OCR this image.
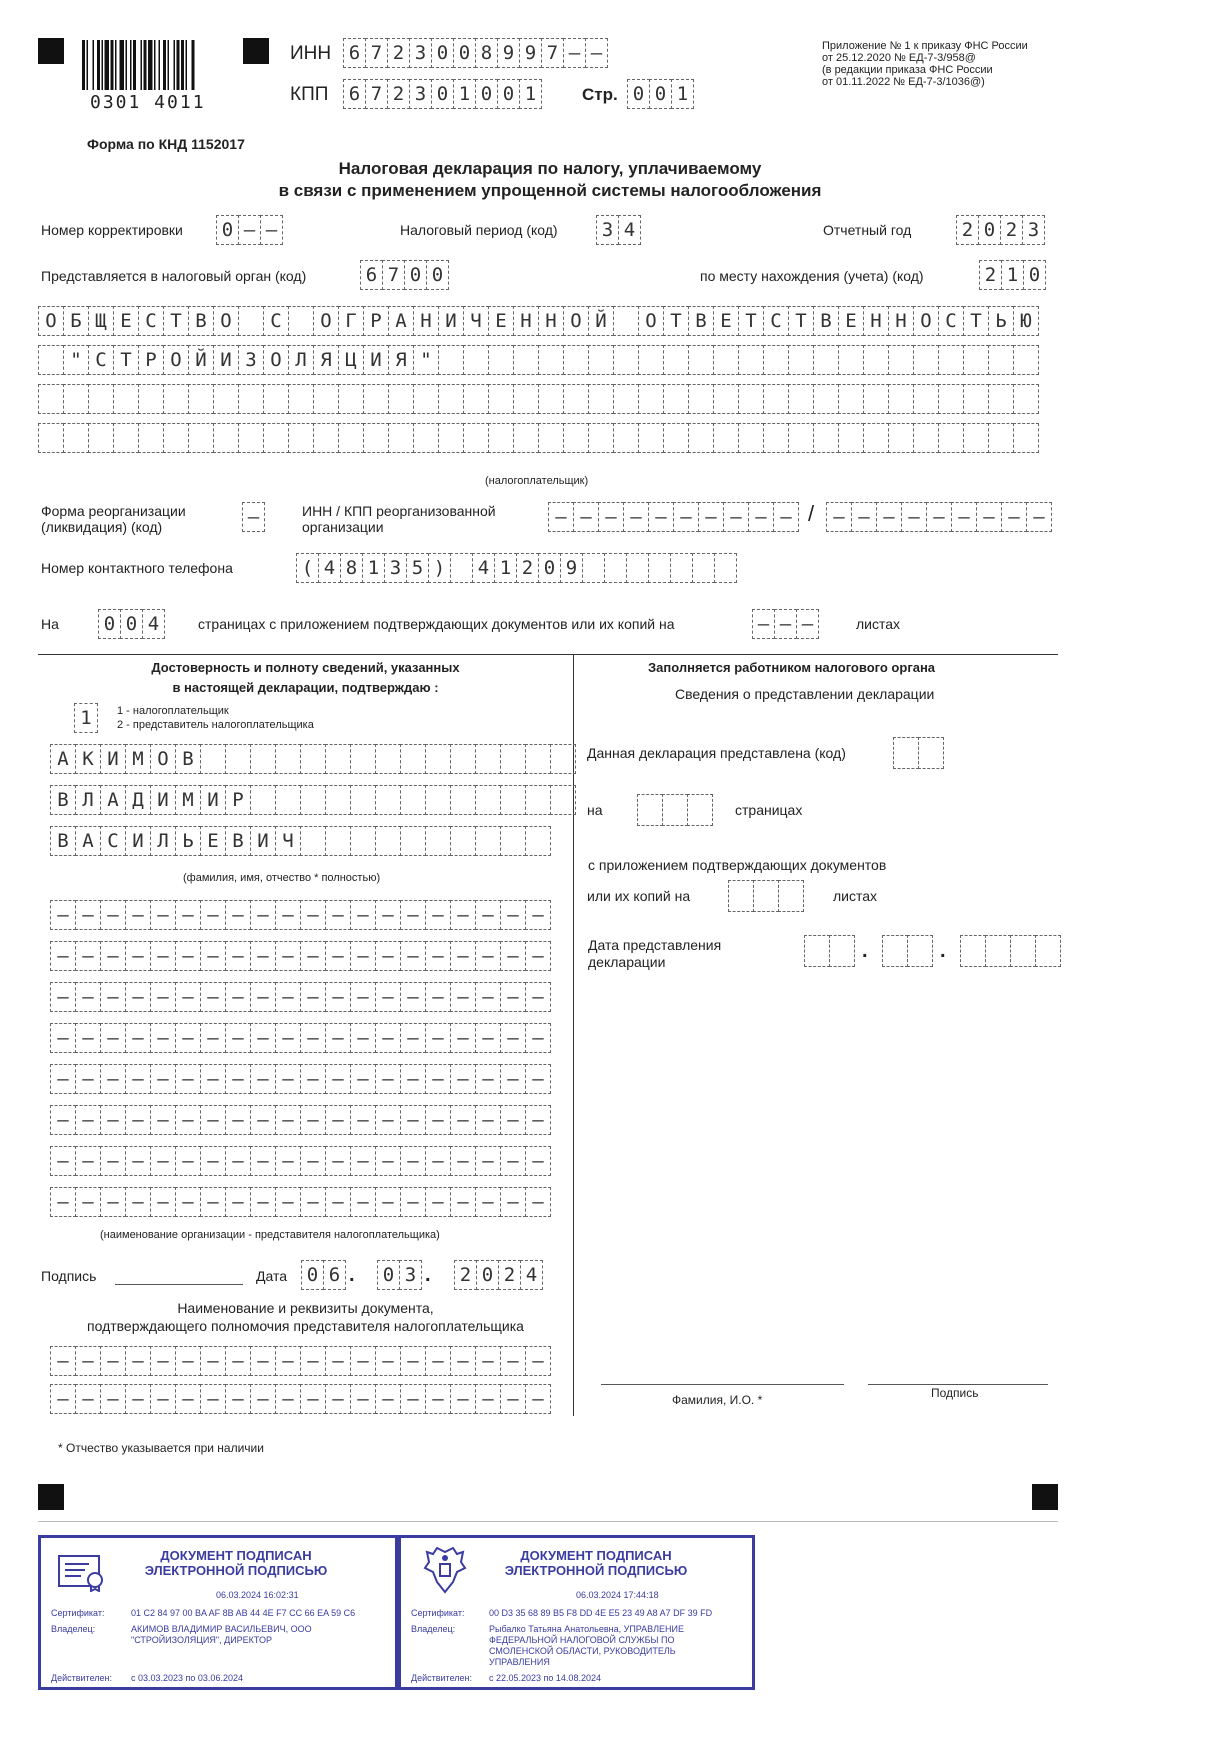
0301 4011
ИНН 6 7 2 3 0 0 8 9 9 7 – –
КПП	6 7 2 3 0 1 0 0 1	Стр. 0 0 1
Приложение № 1 к приказу ФНС России
от 25.12.2020 № ЕД-7-3/958@
(в редакции приказа ФНС России
от 01.11.2022 № ЕД-7-3/1036@)
Форма по КНД 1152017
Налоговая декларация по налогу, уплачиваемому
в связи с применением упрощенной системы налогообложения
Номер корректировки	0 – –	Налоговый период (код)	3 4	Отчетный год	2 0 2 3
Представляется в налоговый орган (код)	6 7 0 0	по месту нахождения (учета) (код)	2 1 0
О Б Щ Е С Т В О	С	О Г Р А Н И Ч Е Н Н О Й	О Т В Е Т С Т В Е Н Н О С Т Ь Ю
" С Т Р О Й И З О Л Я Ц И Я "
(налогоплательщик)
Форма реорганизации
(ликвидация) (код)	–	ИНН / КПП реорганизованной
организации	– – – – – – – – – – /	– – – – – – – – –
Номер контактного телефона	( 4 8 1 3 5 )	4 1 2 0 9
На	0 0 4	страницах с приложением подтверждающих документов или их копий на	– – –	листах
Достоверность и полноту сведений, указанных
в настоящей декларации, подтверждаю :
1	1 - налогоплательщик
2 - представитель налогоплательщика
А К И М О В
В Л А Д И М И Р
В А С И Л Ь Е В И Ч
(фамилия, имя, отчество * полностью)
– – – – – – – – – – – – – – – – – – – –
– – – – – – – – – – – – – – – – – – – –
– – – – – – – – – – – – – – – – – – – –
– – – – – – – – – – – – – – – – – – – –
– – – – – – – – – – – – – – – – – – – –
– – – – – – – – – – – – – – – – – – – –
– – – – – – – – – – – – – – – – – – – –
– – – – – – – – – – – – – – – – – – – –
(наименование организации - представителя налогоплательщика)
Подпись	Дата	0 6 .	0 3 .	2 0 2 4
Наименование и реквизиты документа,
подтверждающего полномочия представителя налогоплательщика
– – – – – – – – – – – – – – – – – – – –
– – – – – – – – – – – – – – – – – – – –
* Отчество указывается при наличии
Заполняется работником налогового органа
Сведения о представлении декларации
Данная декларация представлена (код)
на	страницах
с приложением подтверждающих документов
или их копий на	листах
Дата представления
декларации	.	.
Фамилия, И.О. *	Подпись
ДОКУМЕНТ ПОДПИСАН
ЭЛЕКТРОННОЙ ПОДПИСЬЮ
06.03.2024 16:02:31
Сертификат:	01 C2 84 97 00 BA AF 8B AB 44 4E F7 CC 66 EA 59 C6
Владелец:	АКИМОВ ВЛАДИМИР ВАСИЛЬЕВИЧ, ООО "СТРОЙИЗОЛЯЦИЯ", ДИРЕКТОР
Действителен: с 03.03.2023 по 03.06.2024
ДОКУМЕНТ ПОДПИСАН
ЭЛЕКТРОННОЙ ПОДПИСЬЮ
06.03.2024 17:44:18
Сертификат:	00 D3 35 68 89 B5 F8 DD 4E E5 23 49 A8 A7 DF 39 FD
Владелец:	Рыбалко Татьяна Анатольевна, УПРАВЛЕНИЕ ФЕДЕРАЛЬНОЙ НАЛОГОВОЙ СЛУЖБЫ ПО СМОЛЕНСКОЙ ОБЛАСТИ, РУКОВОДИТЕЛЬ УПРАВЛЕНИЯ
Действителен: с 22.05.2023 по 14.08.2024
